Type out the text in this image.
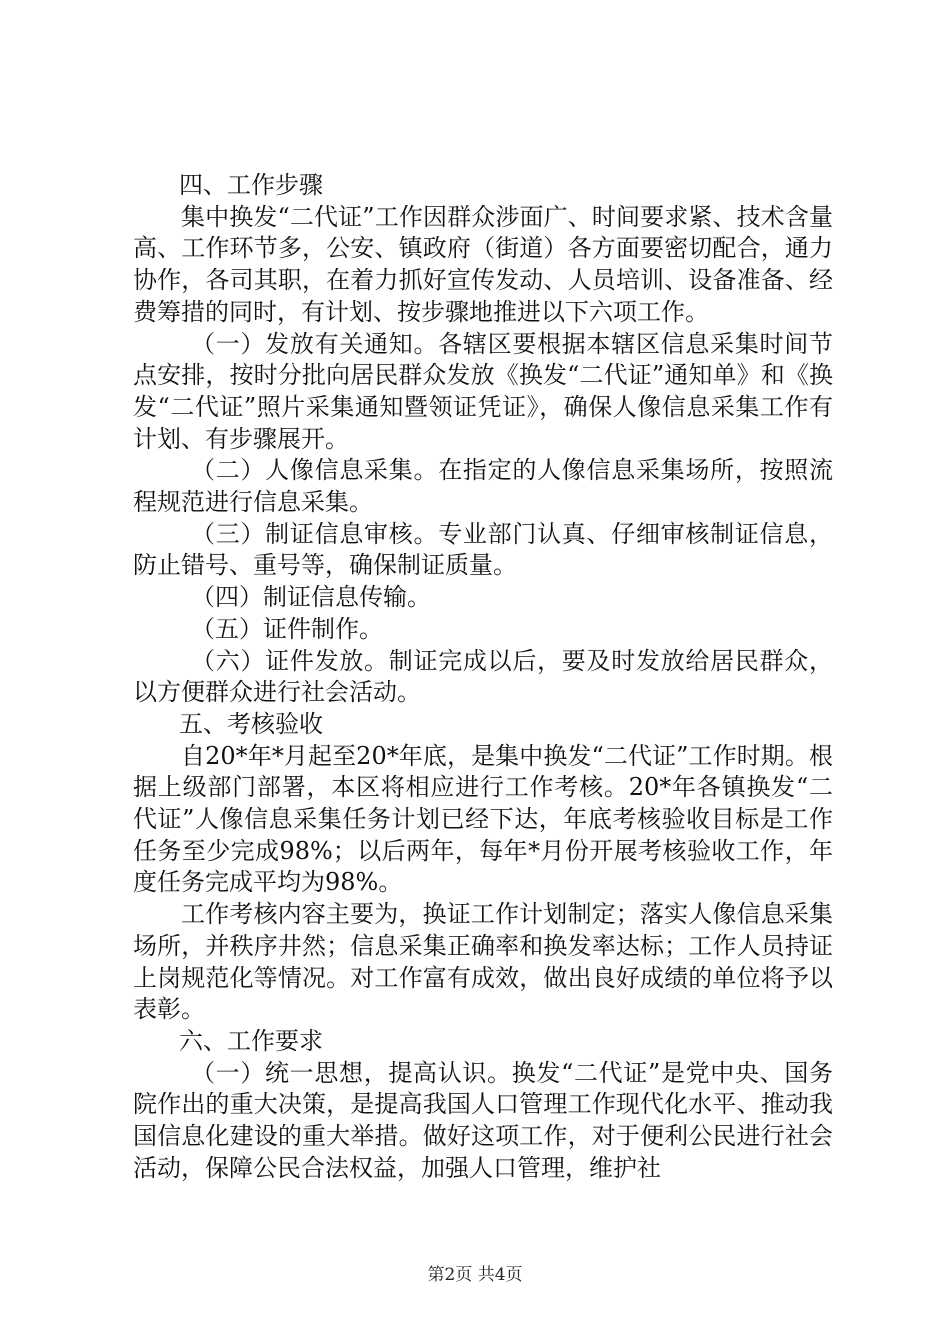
四、工作步骤

集中换发“二代证”工作因群众涉面广、时间要求紧、技术含量高、工作环节多，公安、镇政府（街道）各方面要密切配合，通力协作，各司其职，在着力抓好宣传发动、人员培训、设备准备、经费筹措的同时，有计划、按步骤地推进以下六项工作。

（一）发放有关通知。各辖区要根据本辖区信息采集时间节点安排，按时分批向居民群众发放《换发“二代证”通知单》和《换发“二代证”照片采集通知暨领证凭证》，确保人像信息采集工作有计划、有步骤展开。

（二）人像信息采集。在指定的人像信息采集场所，按照流程规范进行信息采集。

（三）制证信息审核。专业部门认真、仔细审核制证信息，防止错号、重号等，确保制证质量。

（四）制证信息传输。

（五）证件制作。

（六）证件发放。制证完成以后，要及时发放给居民群众，以方便群众进行社会活动。

五、考核验收

自20*年*月起至20*年底，是集中换发“二代证”工作时期。根据上级部门部署，本区将相应进行工作考核。20*年各镇换发“二代证”人像信息采集任务计划已经下达，年底考核验收目标是工作任务至少完成98%；以后两年，每年*月份开展考核验收工作，年度任务完成平均为98%。

工作考核内容主要为，换证工作计划制定；落实人像信息采集场所，并秩序井然；信息采集正确率和换发率达标；工作人员持证上岗规范化等情况。对工作富有成效，做出良好成绩的单位将予以表彰。

六、工作要求

（一）统一思想，提高认识。换发“二代证”是党中央、国务院作出的重大决策，是提高我国人口管理工作现代化水平、推动我国信息化建设的重大举措。做好这项工作，对于便利公民进行社会活动，保障公民合法权益，加强人口管理，维护社

第2页 共4页
